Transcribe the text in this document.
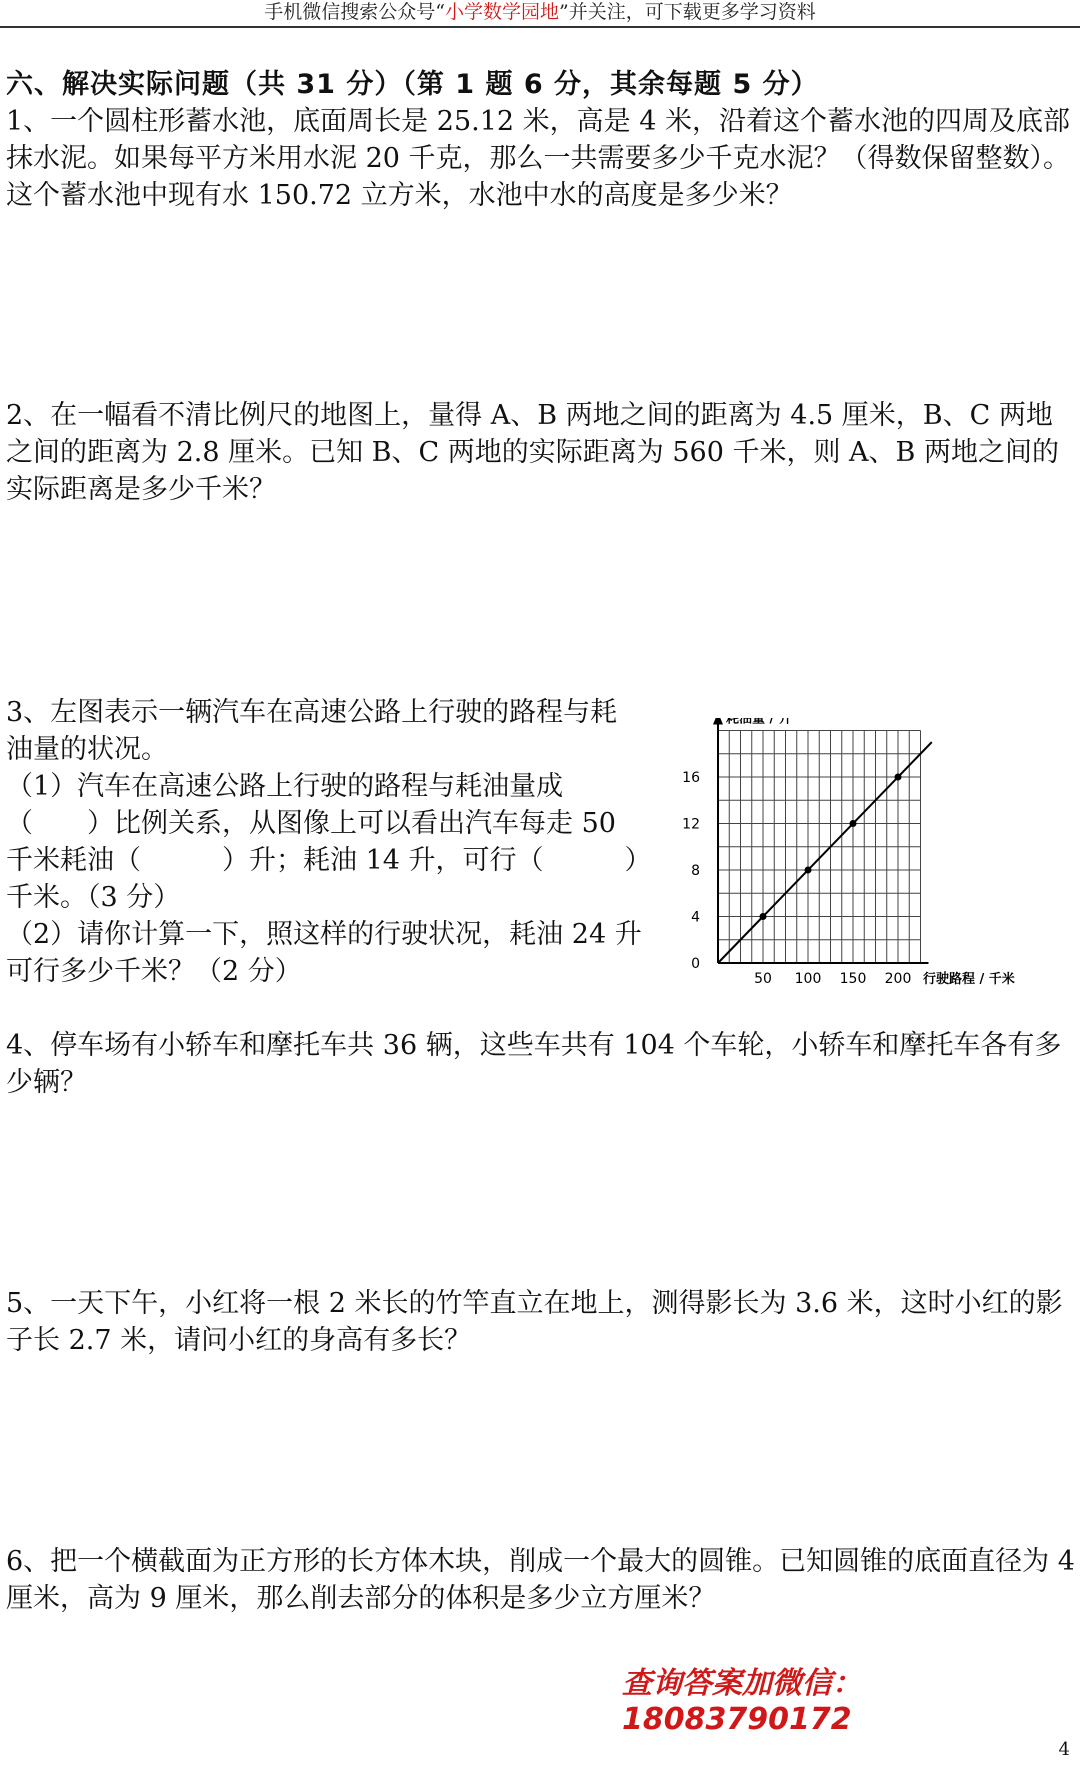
手机微信搜索公众号“小学数学园地”并关注，可下载更多学习资料
六、解决实际问题（共 31 分）（第 1 题 6 分，其余每题 5 分）

1、一个圆柱形蓄水池，底面周长是 25.12 米，高是 4 米，沿着这个蓄水池的四周及底部抹水泥。如果每平方米用水泥 20 千克，那么一共需要多少千克水泥？（得数保留整数）。这个蓄水池中现有水 150.72 立方米，水池中水的高度是多少米？

2、在一幅看不清比例尺的地图上，量得 A、B 两地之间的距离为 4.5 厘米，B、C 两地之间的距离为 2.8 厘米。已知 B、C 两地的实际距离为 560 千米，则 A、B 两地之间的实际距离是多少千米？

3、左图表示一辆汽车在高速公路上行驶的路程与耗
油量的状况。
（1）汽车在高速公路上行驶的路程与耗油量成
（　　）比例关系，从图像上可以看出汽车每走 50
千米耗油（　　　）升；耗油 14 升，可行（　　　）
千米。（3 分）
（2）请你计算一下，照这样的行驶状况，耗油 24 升
可行多少千米？（2 分）	50 100 150 200
0
4
8
12
16
行驶路程 / 千米
耗油量 / 升

4、停车场有小轿车和摩托车共 36 辆，这些车共有 104 个车轮，小轿车和摩托车各有多少辆？

5、一天下午，小红将一根 2 米长的竹竿直立在地上，测得影长为 3.6 米，这时小红的影子长 2.7 米，请问小红的身高有多长？

6、把一个横截面为正方形的长方体木块，削成一个最大的圆锥。已知圆锥的底面直径为 4 厘米，高为 9 厘米，那么削去部分的体积是多少立方厘米？

查询答案加微信：18083790172
4
